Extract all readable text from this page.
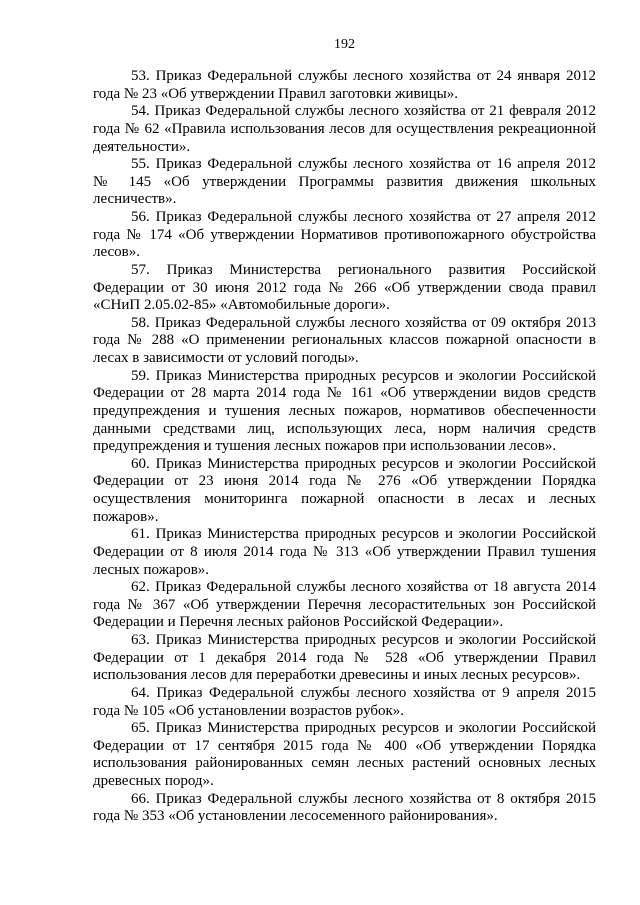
192
53. Приказ Федеральной службы лесного хозяйства от 24 января 2012
года № 23 «Об утверждении Правил заготовки живицы».
54. Приказ Федеральной службы лесного хозяйства от 21 февраля 2012
года № 62 «Правила использования лесов для осуществления рекреационной
деятельности».
55. Приказ Федеральной службы лесного хозяйства от 16 апреля 2012
№ 145 «Об утверждении Программы развития движения школьных
лесничеств».
56. Приказ Федеральной службы лесного хозяйства от 27 апреля 2012
года № 174 «Об утверждении Нормативов противопожарного обустройства
лесов».
57. Приказ Министерства регионального развития Российской
Федерации от 30 июня 2012 года № 266 «Об утверждении свода правил
«СНиП 2.05.02-85» «Автомобильные дороги».
58. Приказ Федеральной службы лесного хозяйства от 09 октября 2013
года № 288 «О применении региональных классов пожарной опасности в
лесах в зависимости от условий погоды».
59. Приказ Министерства природных ресурсов и экологии Российской
Федерации от 28 марта 2014 года № 161 «Об утверждении видов средств
предупреждения и тушения лесных пожаров, нормативов обеспеченности
данными средствами лиц, использующих леса, норм наличия средств
предупреждения и тушения лесных пожаров при использовании лесов».
60. Приказ Министерства природных ресурсов и экологии Российской
Федерации от 23 июня 2014 года № 276 «Об утверждении Порядка
осуществления мониторинга пожарной опасности в лесах и лесных
пожаров».
61. Приказ Министерства природных ресурсов и экологии Российской
Федерации от 8 июля 2014 года № 313 «Об утверждении Правил тушения
лесных пожаров».
62. Приказ Федеральной службы лесного хозяйства от 18 августа 2014
года № 367 «Об утверждении Перечня лесорастительных зон Российской
Федерации и Перечня лесных районов Российской Федерации».
63. Приказ Министерства природных ресурсов и экологии Российской
Федерации от 1 декабря 2014 года № 528 «Об утверждении Правил
использования лесов для переработки древесины и иных лесных ресурсов».
64. Приказ Федеральной службы лесного хозяйства от 9 апреля 2015
года № 105 «Об установлении возрастов рубок».
65. Приказ Министерства природных ресурсов и экологии Российской
Федерации от 17 сентября 2015 года № 400 «Об утверждении Порядка
использования районированных семян лесных растений основных лесных
древесных пород».
66. Приказ Федеральной службы лесного хозяйства от 8 октября 2015
года № 353 «Об установлении лесосеменного районирования».
